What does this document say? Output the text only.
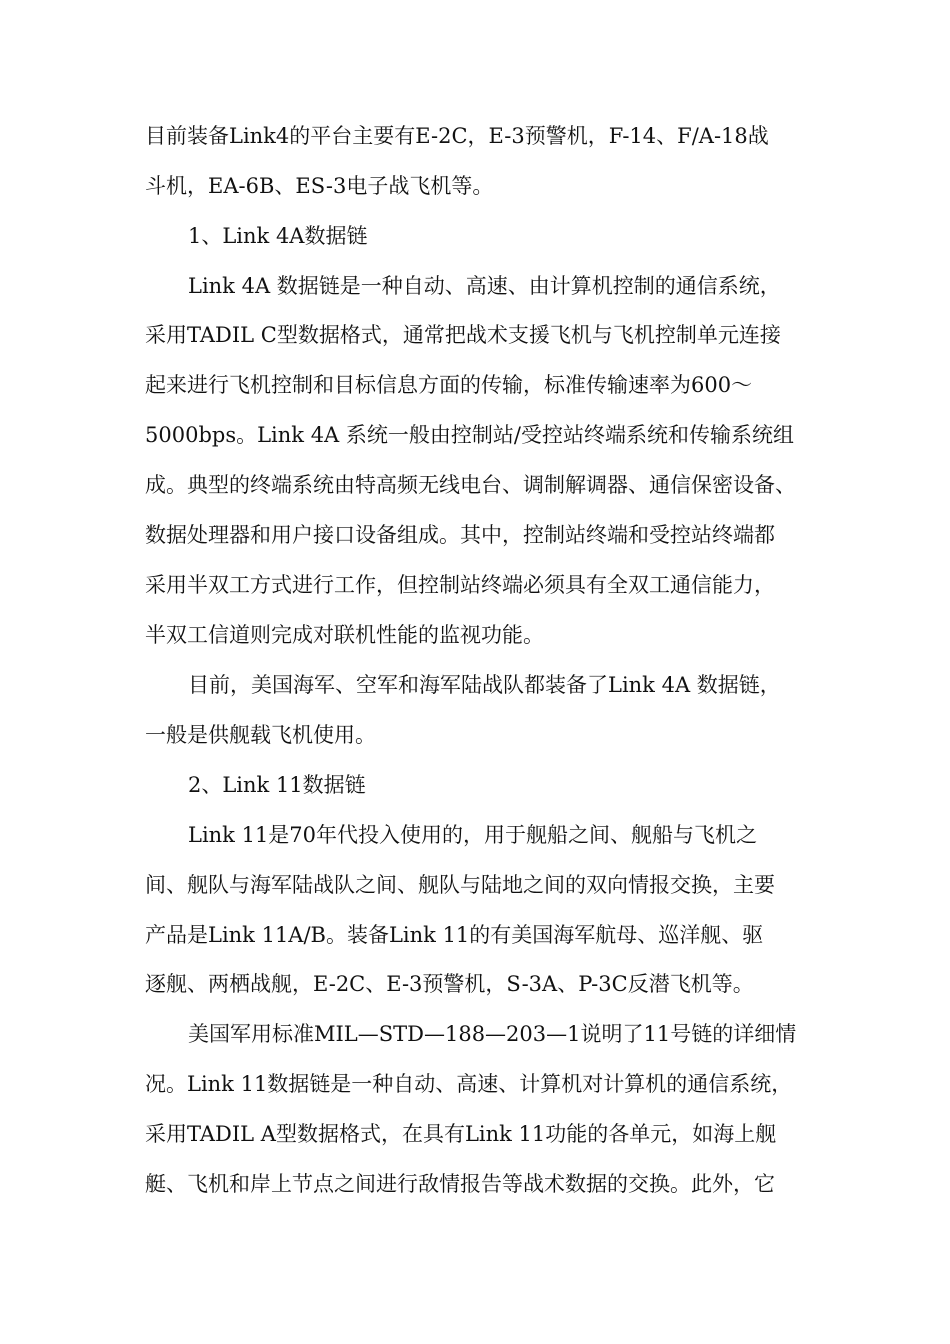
目前装备Link4的平台主要有E-2C，E-3预警机，F-14、F/A-18战
斗机，EA-6B、ES-3电子战飞机等。
1、Link 4A数据链
Link 4A 数据链是一种自动、高速、由计算机控制的通信系统，
采用TADIL C型数据格式，通常把战术支援飞机与飞机控制单元连接
起来进行飞机控制和目标信息方面的传输，标准传输速率为600～
5000bps。Link 4A 系统一般由控制站/受控站终端系统和传输系统组
成。典型的终端系统由特高频无线电台、调制解调器、通信保密设备、
数据处理器和用户接口设备组成。其中，控制站终端和受控站终端都
采用半双工方式进行工作，但控制站终端必须具有全双工通信能力，
半双工信道则完成对联机性能的监视功能。
目前，美国海军、空军和海军陆战队都装备了Link 4A 数据链，
一般是供舰载飞机使用。
2、Link 11数据链
Link 11是70年代投入使用的，用于舰船之间、舰船与飞机之
间、舰队与海军陆战队之间、舰队与陆地之间的双向情报交换，主要
产品是Link 11A/B。装备Link 11的有美国海军航母、巡洋舰、驱
逐舰、两栖战舰，E-2C、E-3预警机，S-3A、P-3C反潜飞机等。
美国军用标准MIL—STD—188—203—1说明了11号链的详细情
况。Link 11数据链是一种自动、高速、计算机对计算机的通信系统，
采用TADIL A型数据格式，在具有Link 11功能的各单元，如海上舰
艇、飞机和岸上节点之间进行敌情报告等战术数据的交换。此外，它
